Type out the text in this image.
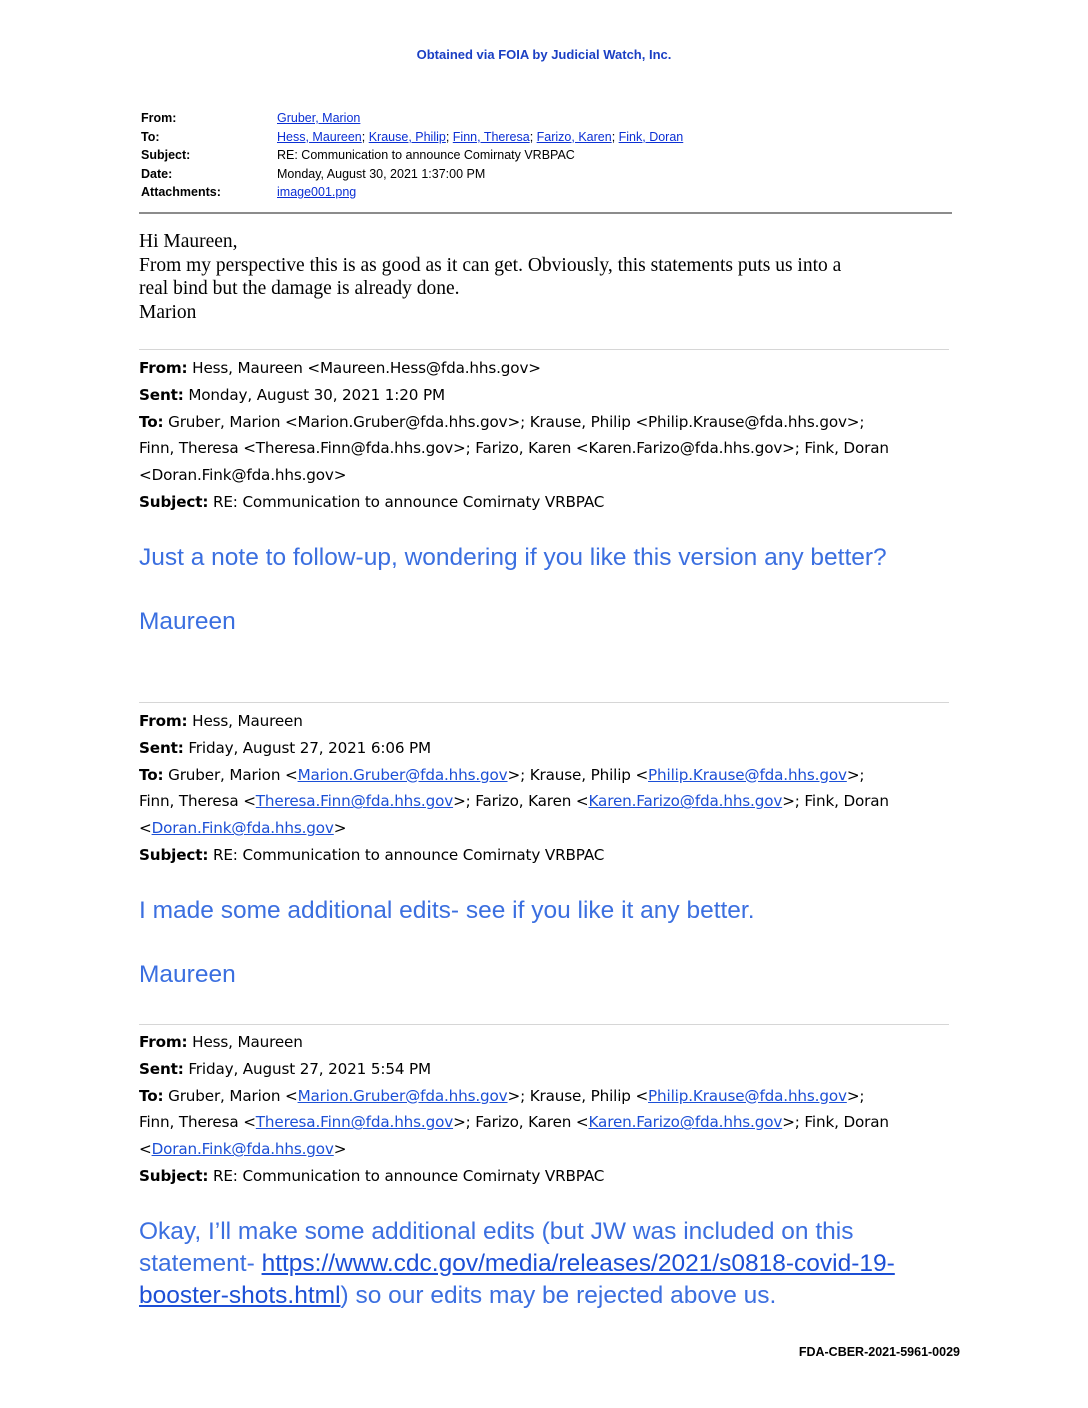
Obtained via FOIA by Judicial Watch, Inc.
From:	Gruber, Marion
To:	Hess, Maureen; Krause, Philip; Finn, Theresa; Farizo, Karen; Fink, Doran
Subject:	RE: Communication to announce Comirnaty VRBPAC
Date:	Monday, August 30, 2021 1:37:00 PM
Attachments:	image001.png
Hi Maureen,
From my perspective this is as good as it can get. Obviously, this statements puts us into a
real bind but the damage is already done.
Marion
From: Hess, Maureen <Maureen.Hess@fda.hhs.gov>
Sent: Monday, August 30, 2021 1:20 PM
To: Gruber, Marion <Marion.Gruber@fda.hhs.gov>; Krause, Philip <Philip.Krause@fda.hhs.gov>;
Finn, Theresa <Theresa.Finn@fda.hhs.gov>; Farizo, Karen <Karen.Farizo@fda.hhs.gov>; Fink, Doran
<Doran.Fink@fda.hhs.gov>
Subject: RE: Communication to announce Comirnaty VRBPAC
Just a note to follow-up, wondering if you like this version any better?
Maureen
From: Hess, Maureen
Sent: Friday, August 27, 2021 6:06 PM
To: Gruber, Marion <Marion.Gruber@fda.hhs.gov>; Krause, Philip <Philip.Krause@fda.hhs.gov>;
Finn, Theresa <Theresa.Finn@fda.hhs.gov>; Farizo, Karen <Karen.Farizo@fda.hhs.gov>; Fink, Doran
<Doran.Fink@fda.hhs.gov>
Subject: RE: Communication to announce Comirnaty VRBPAC
I made some additional edits- see if you like it any better.
Maureen
From: Hess, Maureen
Sent: Friday, August 27, 2021 5:54 PM
To: Gruber, Marion <Marion.Gruber@fda.hhs.gov>; Krause, Philip <Philip.Krause@fda.hhs.gov>;
Finn, Theresa <Theresa.Finn@fda.hhs.gov>; Farizo, Karen <Karen.Farizo@fda.hhs.gov>; Fink, Doran
<Doran.Fink@fda.hhs.gov>
Subject: RE: Communication to announce Comirnaty VRBPAC
Okay, I’ll make some additional edits (but JW was included on this
statement- https://www.cdc.gov/media/releases/2021/s0818-covid-19-
booster-shots.html) so our edits may be rejected above us.
FDA-CBER-2021-5961-0029
